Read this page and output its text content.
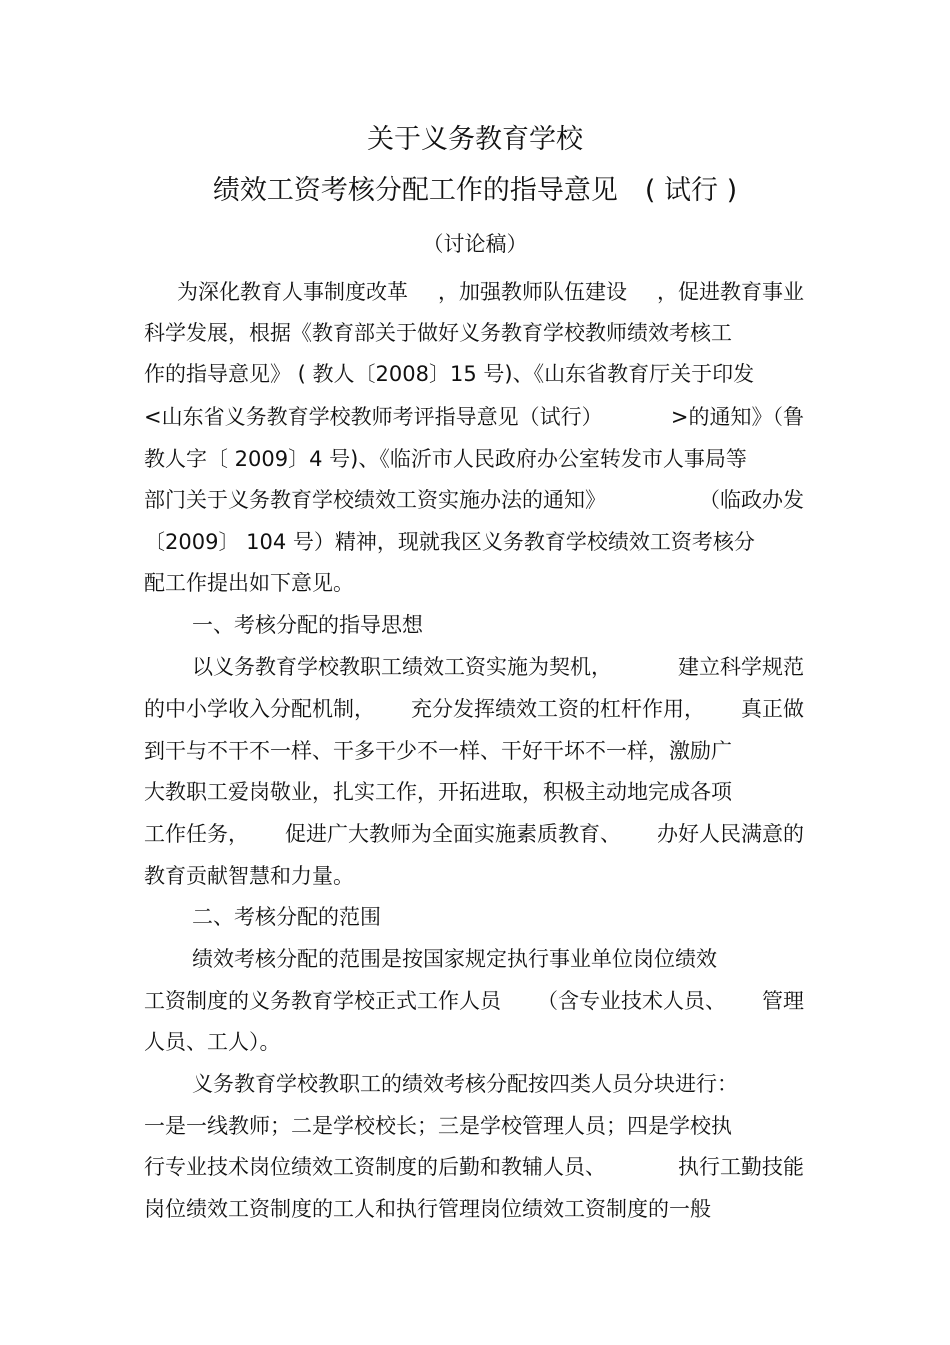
关于义务教育学校
绩效工资考核分配工作的指导意见　( 试行 )
（讨论稿）
为深化教育人事制度改革 ，加强教师队伍建设 ，促进教育事业
科学发展，根据《教育部关于做好义务教育学校教师绩效考核工
作的指导意见》 ( 教人〔2008〕15 号)、《山东省教育厅关于印发
<山东省义务教育学校教师考评指导意见（试行）	>的通知》（鲁
教人字〔 2009〕4 号)、《临沂市人民政府办公室转发市人事局等
部门关于义务教育学校绩效工资实施办法的通知》	（临政办发
〔2009〕 104 号）精神，现就我区义务教育学校绩效工资考核分
配工作提出如下意见。
一、考核分配的指导思想
以义务教育学校教职工绩效工资实施为契机，	建立科学规范
的中小学收入分配机制， 充分发挥绩效工资的杠杆作用， 真正做
到干与不干不一样、干多干少不一样、干好干坏不一样，激励广
大教职工爱岗敬业，扎实工作，开拓进取，积极主动地完成各项
工作任务， 促进广大教师为全面实施素质教育、 办好人民满意的
教育贡献智慧和力量。
二、考核分配的范围
绩效考核分配的范围是按国家规定执行事业单位岗位绩效
工资制度的义务教育学校正式工作人员 （含专业技术人员、 管理
人员、工人）。
义务教育学校教职工的绩效考核分配按四类人员分块进行：
一是一线教师；二是学校校长；三是学校管理人员；四是学校执
行专业技术岗位绩效工资制度的后勤和教辅人员、	执行工勤技能
岗位绩效工资制度的工人和执行管理岗位绩效工资制度的一般
